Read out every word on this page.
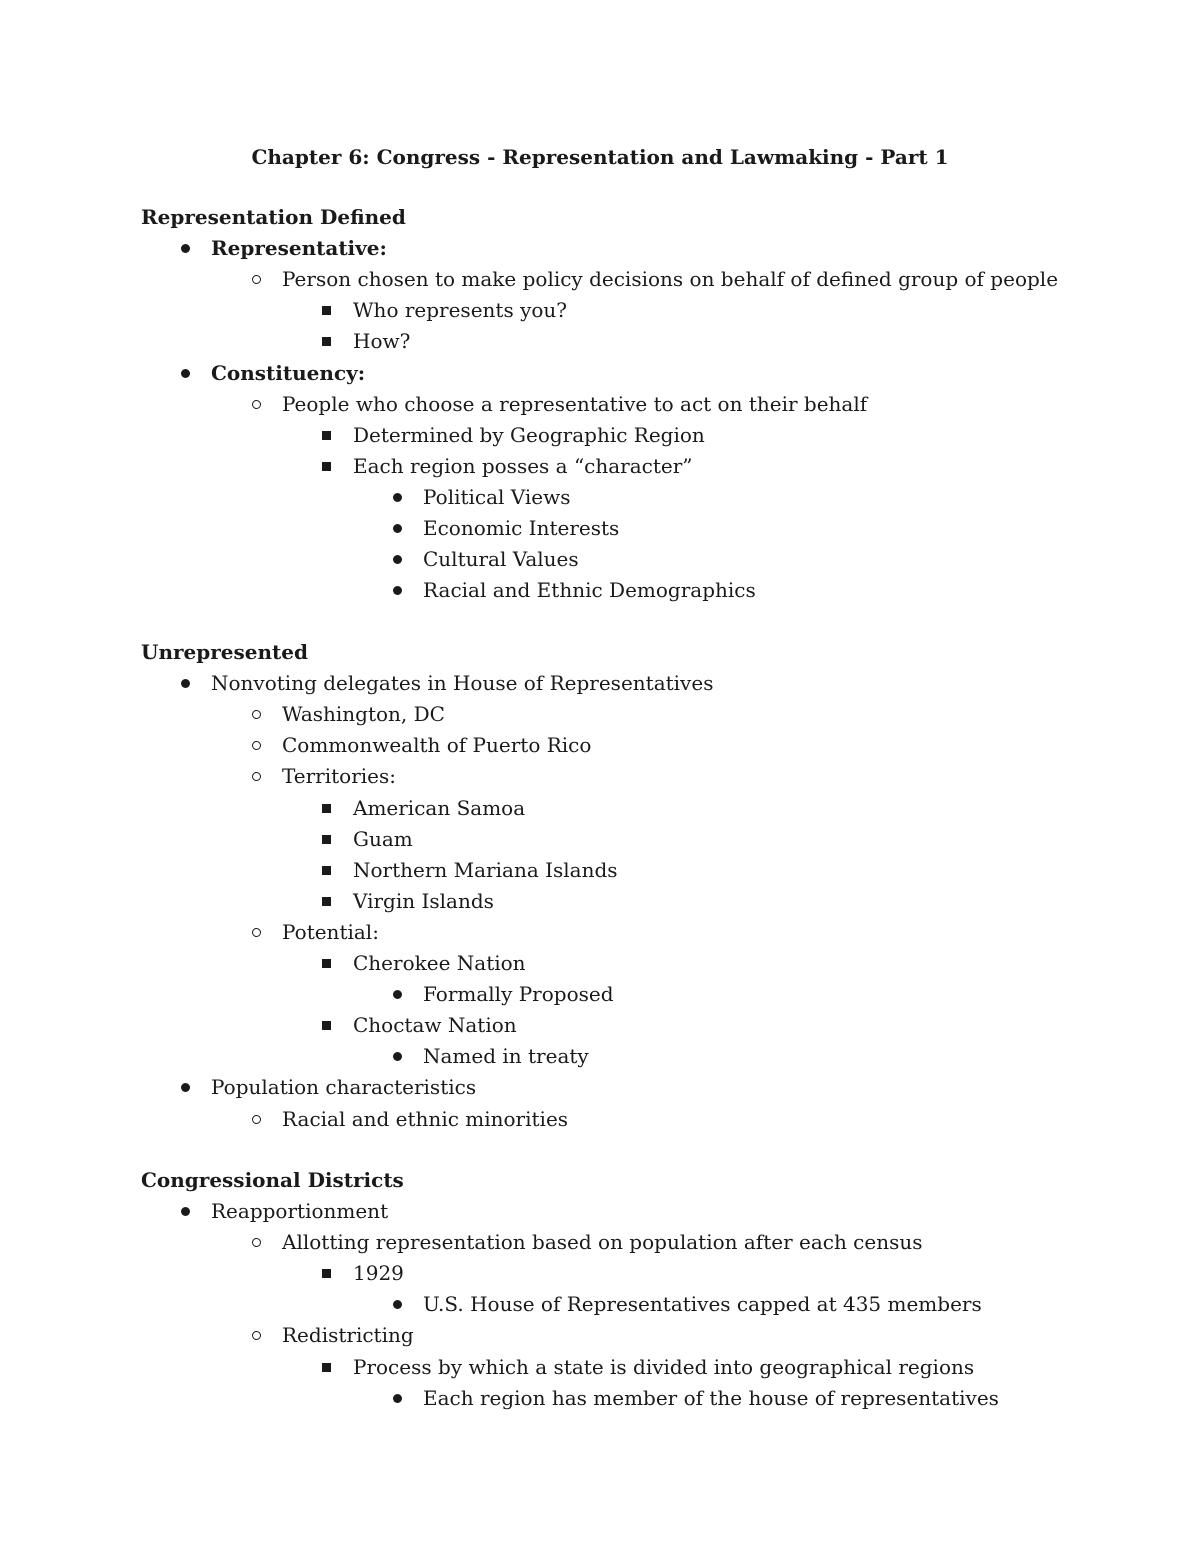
Chapter 6: Congress - Representation and Lawmaking - Part 1
Representation Defined
Representative:
Person chosen to make policy decisions on behalf of defined group of people
Who represents you?
How?
Constituency:
People who choose a representative to act on their behalf
Determined by Geographic Region
Each region posses a “character”
Political Views
Economic Interests
Cultural Values
Racial and Ethnic Demographics
Unrepresented
Nonvoting delegates in House of Representatives
Washington, DC
Commonwealth of Puerto Rico
Territories:
American Samoa
Guam
Northern Mariana Islands
Virgin Islands
Potential:
Cherokee Nation
Formally Proposed
Choctaw Nation
Named in treaty
Population characteristics
Racial and ethnic minorities
Congressional Districts
Reapportionment
Allotting representation based on population after each census
1929
U.S. House of Representatives capped at 435 members
Redistricting
Process by which a state is divided into geographical regions
Each region has member of the house of representatives
